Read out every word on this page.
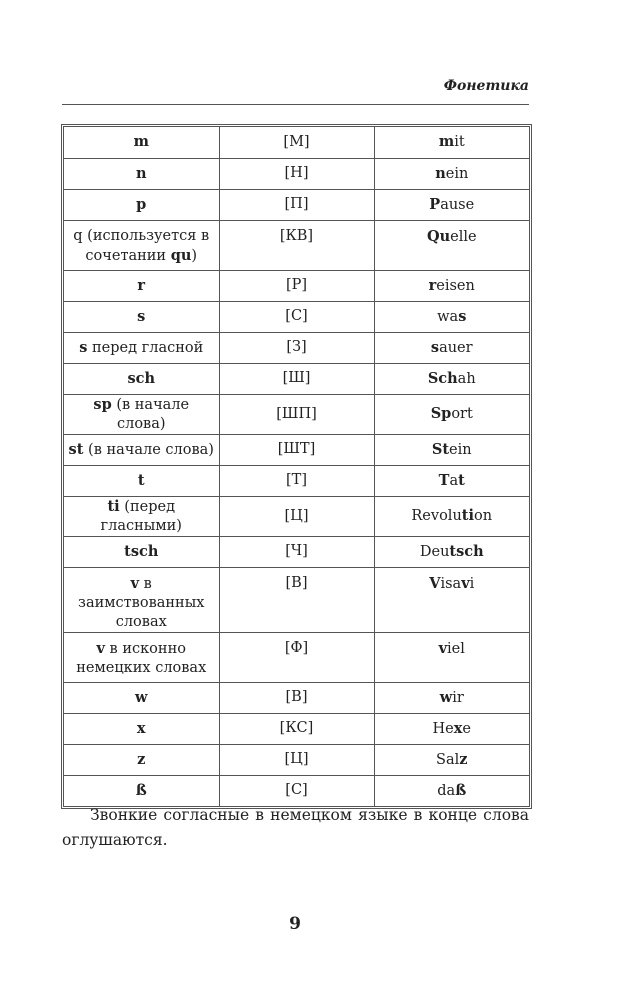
Фонетика
m	[М]	mit
n	[Н]	nein
p	[П]	Pause
q (используется в сочетании qu)	[КВ]	Quelle
r	[Р]	reisen
s	[С]	was
s перед гласной	[З]	sauer
sch	[Ш]	Schah
sp (в начале слова)	[ШП]	Sport
st (в начале слова)	[ШТ]	Stein
t	[Т]	Tat
ti (перед гласными)	[Ц]	Revolution
tsch	[Ч]	Deutsch
v в заимствованных словах	[В]	Visavi
v в исконно немецких словах	[Ф]	viel
w	[В]	wir
x	[КС]	Hexe
z	[Ц]	Salz
ß	[С]	daß
Звонкие согласные в немецком языке в конце слова оглушаются.
9
